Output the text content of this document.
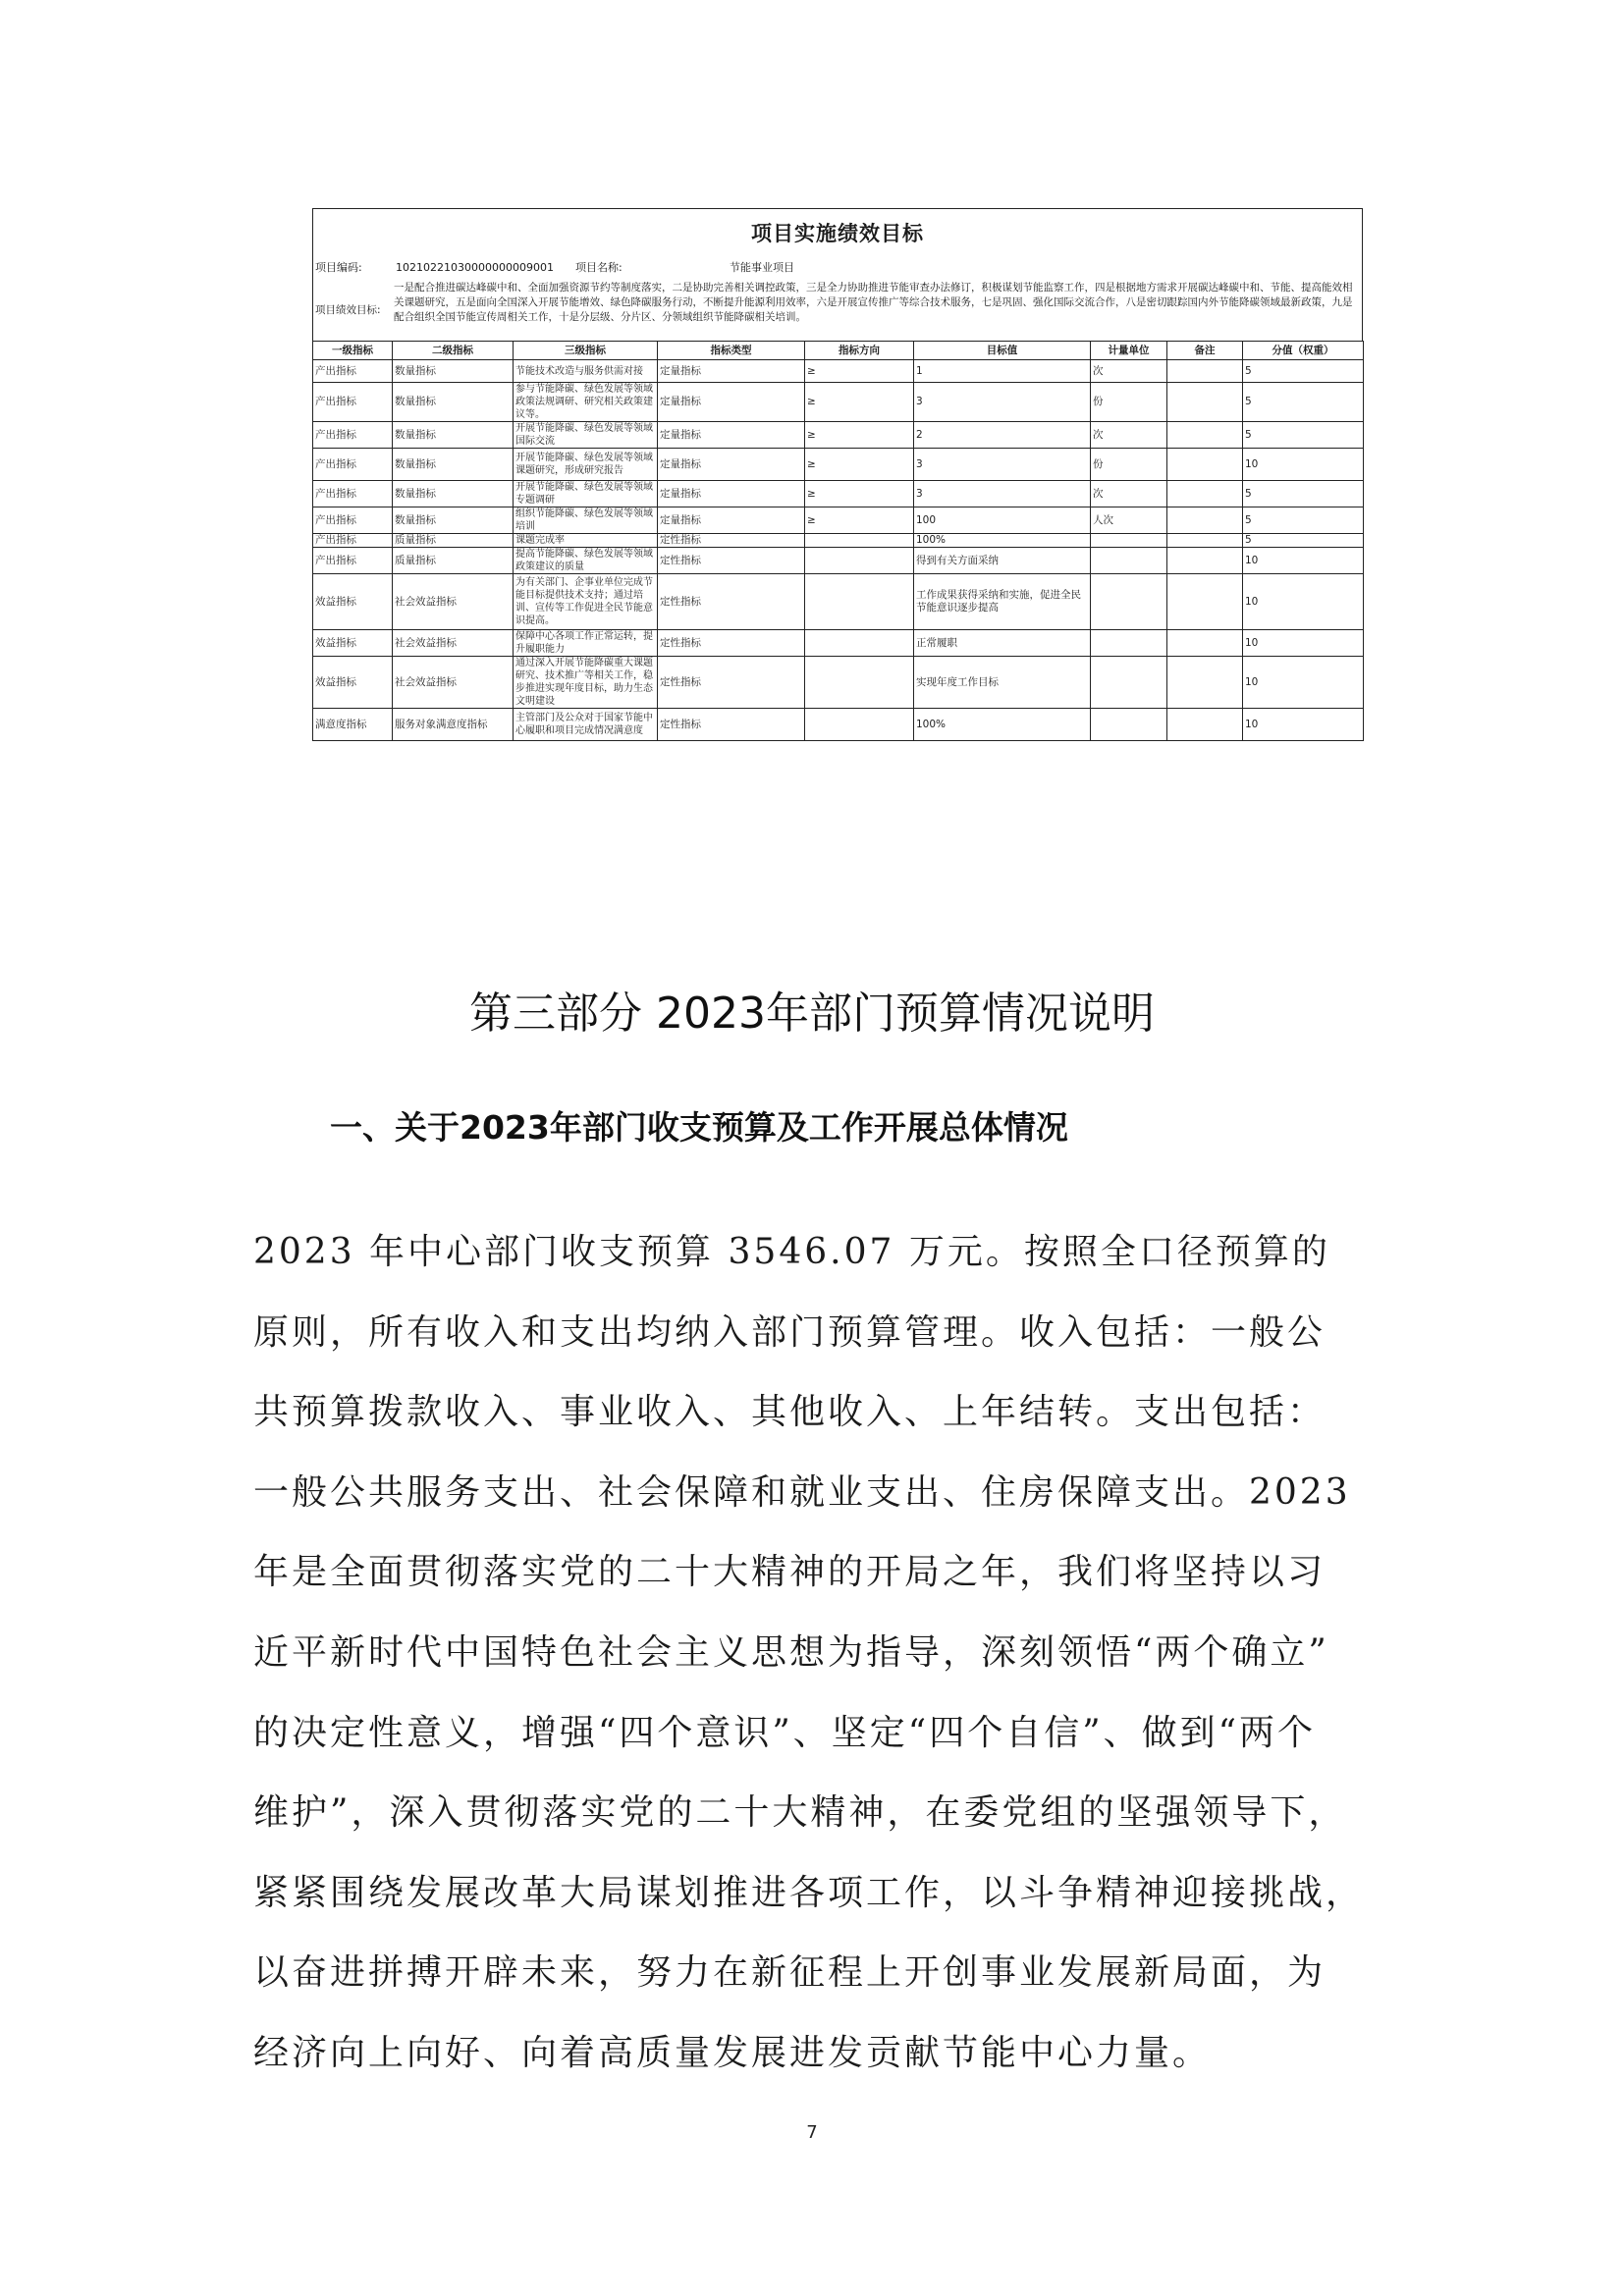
项目实施绩效目标
项目编码:	10210221030000000009001	项目名称:	节能事业项目
项目绩效目标:
一是配合推进碳达峰碳中和、全面加强资源节约等制度落实，二是协助完善相关调控政策，三是全力协助推进节能审查办法修订，积极谋划节能监察工作，四是根据地方需求开展碳达峰碳中和、节能、提高能效相关课题研究，五是面向全国深入开展节能增效、绿色降碳服务行动，不断提升能源利用效率，六是开展宣传推广等综合技术服务，七是巩固、强化国际交流合作，八是密切跟踪国内外节能降碳领域最新政策，九是配合组织全国节能宣传周相关工作，十是分层级、分片区、分领域组织节能降碳相关培训。
一级指标	二级指标	三级指标	指标类型	指标方向	目标值	计量单位	备注	分值（权重）
产出指标	数量指标	节能技术改造与服务供需对接	定量指标	≥	1	次		5
产出指标	数量指标	参与节能降碳、绿色发展等领域政策法规调研、研究相关政策建议等。	定量指标	≥	3	份		5
产出指标	数量指标	开展节能降碳、绿色发展等领域国际交流	定量指标	≥	2	次		5
产出指标	数量指标	开展节能降碳、绿色发展等领域课题研究，形成研究报告	定量指标	≥	3	份		10
产出指标	数量指标	开展节能降碳、绿色发展等领域专题调研	定量指标	≥	3	次		5
产出指标	数量指标	组织节能降碳、绿色发展等领域培训	定量指标	≥	100	人次		5
产出指标	质量指标	课题完成率	定性指标		100%			5
产出指标	质量指标	提高节能降碳、绿色发展等领域政策建议的质量	定性指标		得到有关方面采纳			10
效益指标	社会效益指标	为有关部门、企事业单位完成节能目标提供技术支持；通过培训、宣传等工作促进全民节能意识提高。	定性指标		工作成果获得采纳和实施，促进全民节能意识逐步提高			10
效益指标	社会效益指标	保障中心各项工作正常运转，提升履职能力	定性指标		正常履职			10
效益指标	社会效益指标	通过深入开展节能降碳重大课题研究、技术推广等相关工作，稳步推进实现年度目标，助力生态文明建设	定性指标		实现年度工作目标			10
满意度指标	服务对象满意度指标	主管部门及公众对于国家节能中心履职和项目完成情况满意度	定性指标		100%			10
第三部分 2023年部门预算情况说明
一、关于2023年部门收支预算及工作开展总体情况
2023 年中心部门收支预算 3546.07 万元。按照全口径预算的
原则，所有收入和支出均纳入部门预算管理。收入包括：一般公
共预算拨款收入、事业收入、其他收入、上年结转。支出包括：
一般公共服务支出、社会保障和就业支出、住房保障支出。2023
年是全面贯彻落实党的二十大精神的开局之年，我们将坚持以习
近平新时代中国特色社会主义思想为指导，深刻领悟“两个确立”
的决定性意义，增强“四个意识”、坚定“四个自信”、做到“两个
维护”，深入贯彻落实党的二十大精神，在委党组的坚强领导下，
紧紧围绕发展改革大局谋划推进各项工作，以斗争精神迎接挑战，
以奋进拼搏开辟未来，努力在新征程上开创事业发展新局面，为
经济向上向好、向着高质量发展进发贡献节能中心力量。
7
